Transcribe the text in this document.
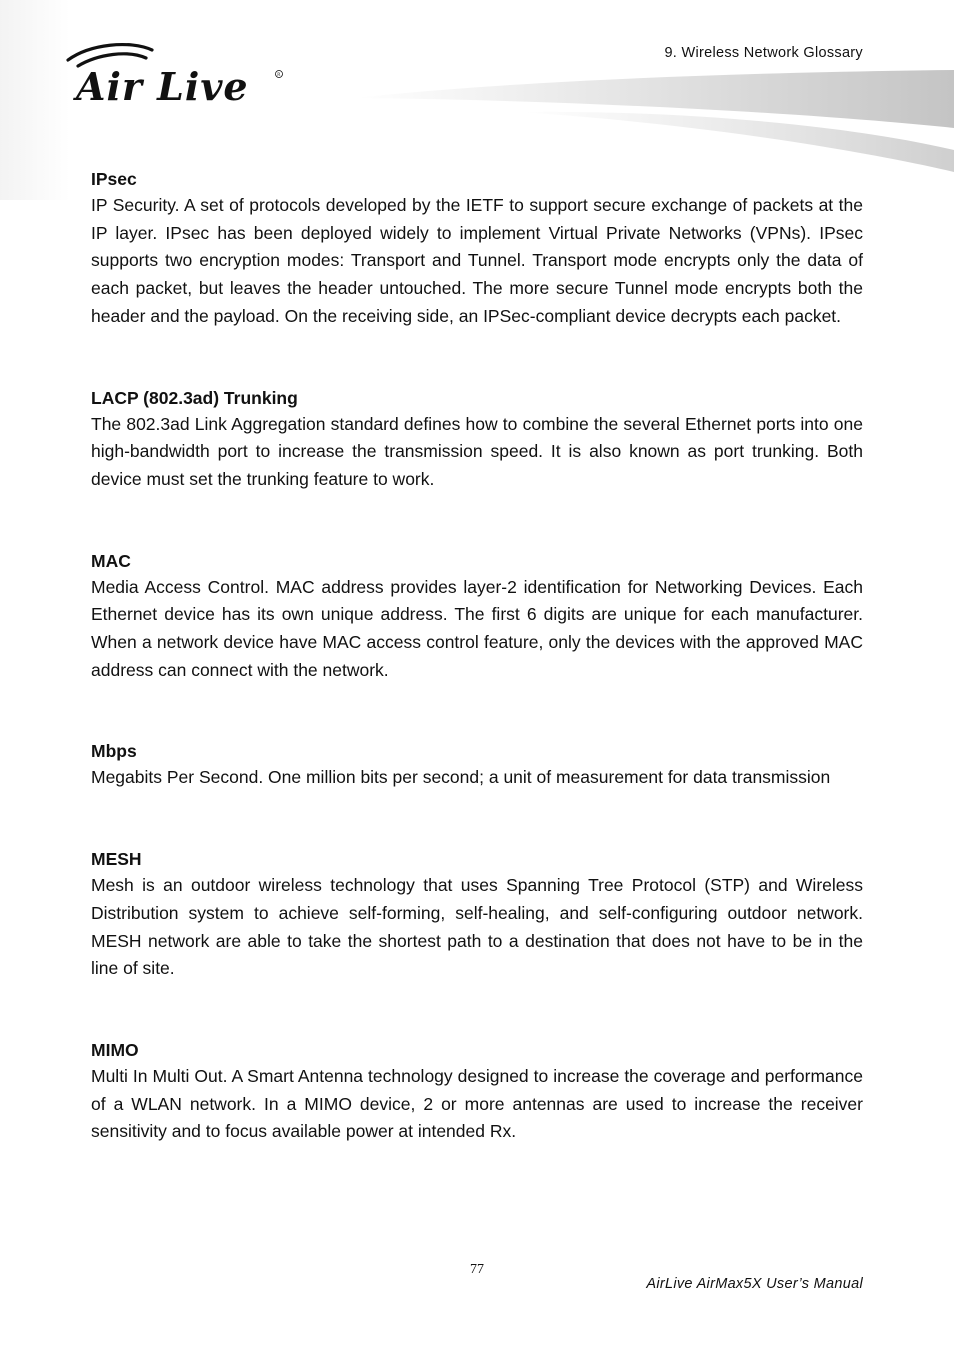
Air Live	R
9. Wireless Network Glossary
IPsec

IP Security. A set of protocols developed by the IETF to support secure exchange of packets at the IP layer. IPsec has been deployed widely to implement Virtual Private Networks (VPNs). IPsec supports two encryption modes: Transport and Tunnel. Transport mode encrypts only the data of each packet, but leaves the header untouched. The more secure Tunnel mode encrypts both the header and the payload. On the receiving side, an IPSec-compliant device decrypts each packet.

LACP (802.3ad) Trunking

The 802.3ad Link Aggregation standard defines how to combine the several Ethernet ports into one high-bandwidth port to increase the transmission speed. It is also known as port trunking. Both device must set the trunking feature to work.

MAC

Media Access Control. MAC address provides layer-2 identification for Networking Devices. Each Ethernet device has its own unique address. The first 6 digits are unique for each manufacturer. When a network device have MAC access control feature, only the devices with the approved MAC address can connect with the network.

Mbps

Megabits Per Second. One million bits per second; a unit of measurement for data transmission

MESH

Mesh is an outdoor wireless technology that uses Spanning Tree Protocol (STP) and Wireless Distribution system to achieve self-forming, self-healing, and self-configuring outdoor network. MESH network are able to take the shortest path to a destination that does not have to be in the line of site.

MIMO

Multi In Multi Out. A Smart Antenna technology designed to increase the coverage and performance of a WLAN network. In a MIMO device, 2 or more antennas are used to increase the receiver sensitivity and to focus available power at intended Rx.

77
AirLive AirMax5X User’s Manual
